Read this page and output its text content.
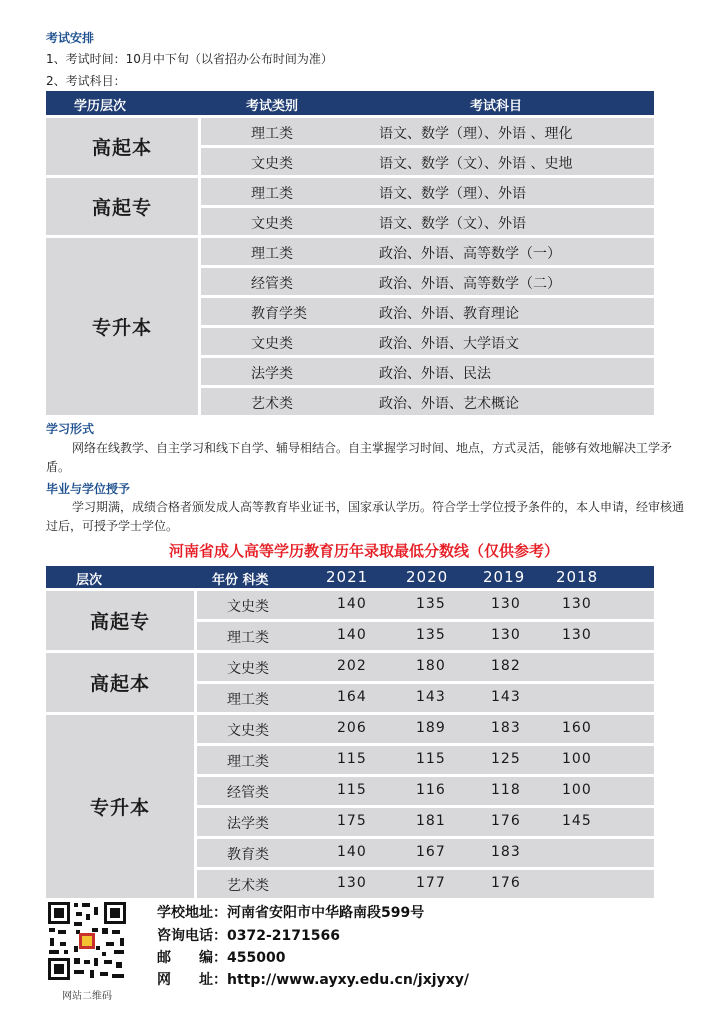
考试安排
1、考试时间：10月中下旬（以省招办公布时间为准）
2、考试科目：
学历层次	考试类别	考试科目
高起本
理工类	语文、数学（理）、外语 、理化
文史类	语文、数学（文）、外语 、史地
高起专
理工类	语文、数学（理）、外语
文史类	语文、数学（文）、外语
专升本
理工类	政治、外语、高等数学（一）
经管类	政治、外语、高等数学（二）
教育学类	政治、外语、教育理论
文史类	政治、外语、大学语文
法学类	政治、外语、民法
艺术类	政治、外语、艺术概论
学习形式
网络在线教学、自主学习和线下自学、辅导相结合。自主掌握学习时间、地点，方式灵活，能够有效地解决工学矛盾。
毕业与学位授予
学习期满，成绩合格者颁发成人高等教育毕业证书，国家承认学历。符合学士学位授予条件的，本人申请，经审核通过后，可授予学士学位。
河南省成人高等学历教育历年录取最低分数线（仅供参考）
层次	年份 科类	2021	2020 2019 2018
高起专
文史类	140	135	130	130
理工类	140	135	130	130
高起本
文史类	202	180	182
理工类	164	143	143
专升本
文史类	206	189	183	160
理工类	115	115	125	100
经管类	115	116	118	100
法学类	175	181	176	145
教育类	140	167	183
艺术类	130	177	176
网站二维码
学校地址：河南省安阳市中华路南段599号
咨询电话：0372-2171566
邮　　编：455000
网　　址：http://www.ayxy.edu.cn/jxjyxy/
